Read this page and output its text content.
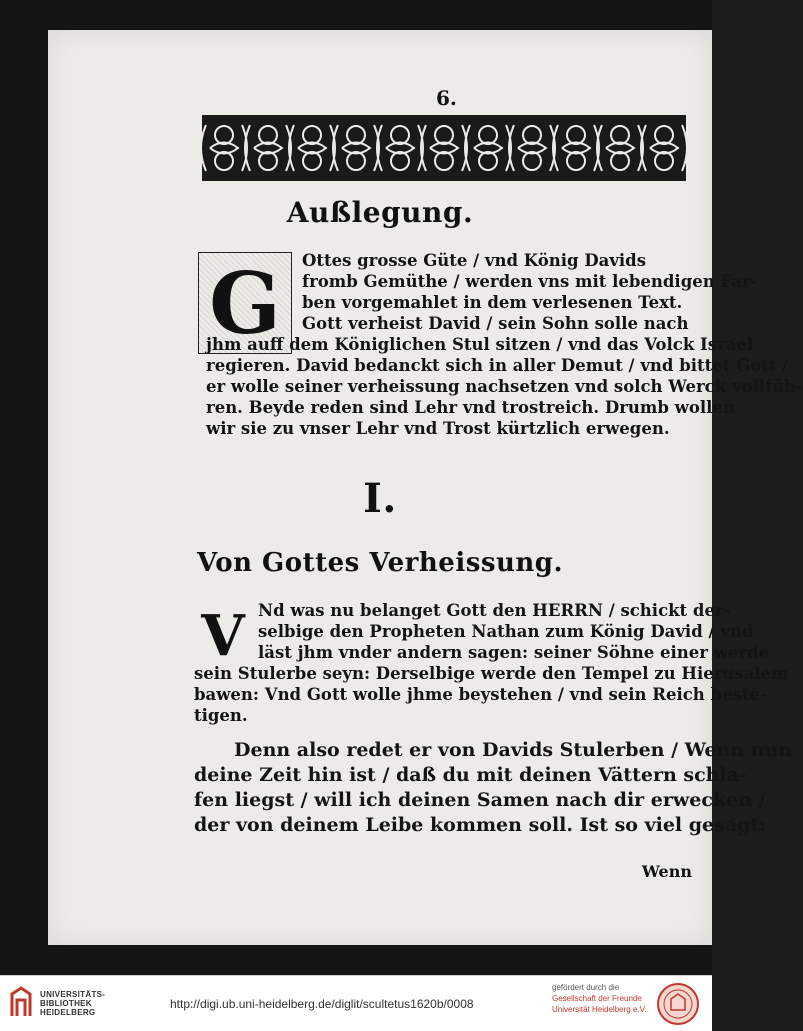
6.
Außlegung.
G	Ottes grosse Güte / vnd König Davids
fromb Gemüthe / werden vns mit lebendigen Far-
ben vorgemahlet in dem verlesenen Text.
Gott verheist David / sein Sohn solle nach
jhm auff dem Königlichen Stul sitzen / vnd das Volck Israel
regieren. David bedanckt sich in aller Demut / vnd bittet Gott /
er wolle seiner verheissung nachsetzen vnd solch Werck vollfüh-
ren. Beyde reden sind Lehr vnd trostreich. Drumb wollen
wir sie zu vnser Lehr vnd Trost kürtzlich erwegen.
I.
Von Gottes Verheissung.
V Nd was nu belanget Gott den HERRN / schickt der-
selbige den Propheten Nathan zum König David / vnd
läst jhm vnder andern sagen: seiner Söhne einer werde
sein Stulerbe seyn: Derselbige werde den Tempel zu Hierusalem
bawen: Vnd Gott wolle jhme beystehen / vnd sein Reich beste-
tigen.
Denn also redet er von Davids Stulerben / Wenn nun
deine Zeit hin ist / daß du mit deinen Vättern schla-
fen liegst / will ich deinen Samen nach dir erwecken /
der von deinem Leibe kommen soll. Ist so viel gesagt:
Wenn
UNIVERSITÄTS-
BIBLIOTHEK
HEIDELBERG
http://digi.ub.uni-heidelberg.de/diglit/scultetus1620b/0008
gefördert durch die
Gesellschaft der Freunde
Universität Heidelberg e.V.
